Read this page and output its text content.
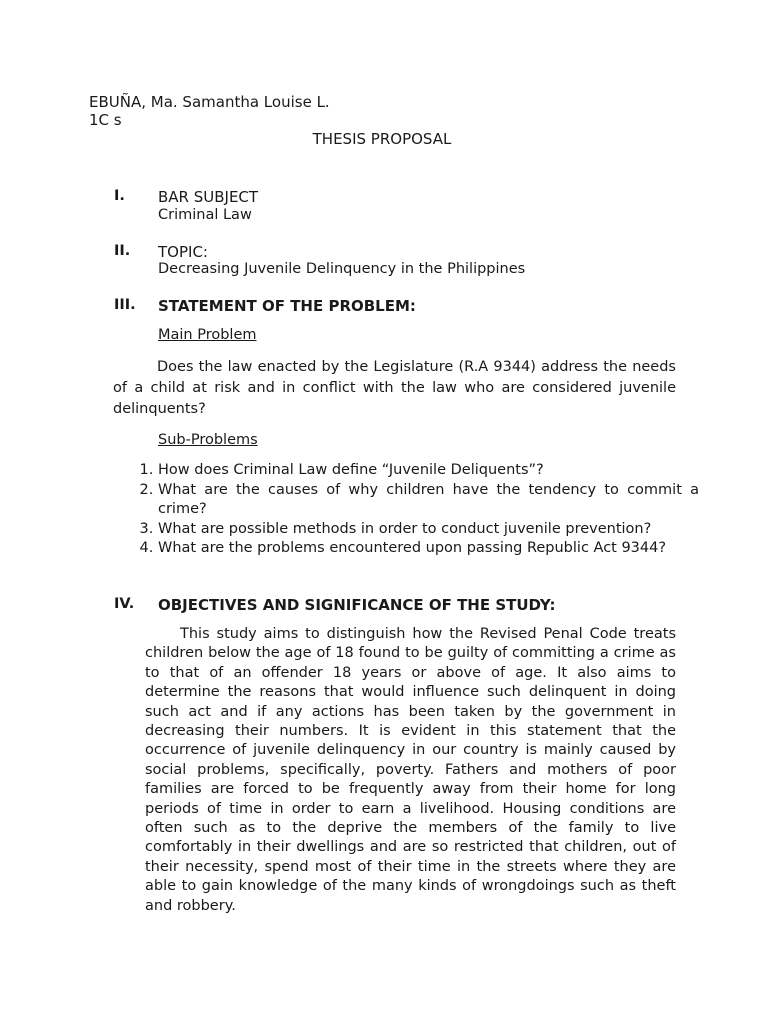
EBUÑA, Ma. Samantha Louise L.
1C s
THESIS PROPOSAL
I. BAR SUBJECT
Criminal Law
II. TOPIC:
Decreasing Juvenile Delinquency in the Philippines
III. STATEMENT OF THE PROBLEM:
Main Problem
Does the law enacted by the Legislature (R.A 9344) address the needs of a child at risk and in conflict with the law who are considered juvenile delinquents?
Sub-Problems
1. How does Criminal Law define “Juvenile Deliquents”?
2. What are the causes of why children have the tendency to commit a crime?
3. What are possible methods in order to conduct juvenile prevention?
4. What are the problems encountered upon passing Republic Act 9344?
IV. OBJECTIVES AND SIGNIFICANCE OF THE STUDY:
This study aims to distinguish how the Revised Penal Code treats children below the age of 18 found to be guilty of committing a crime as to that of an offender 18 years or above of age. It also aims to determine the reasons that would influence such delinquent in doing such act and if any actions has been taken by the government in decreasing their numbers. It is evident in this statement that the occurrence of juvenile delinquency in our country is mainly caused by social problems, specifically, poverty. Fathers and mothers of poor families are forced to be frequently away from their home for long periods of time in order to earn a livelihood. Housing conditions are often such as to the deprive the members of the family to live comfortably in their dwellings and are so restricted that children, out of their necessity, spend most of their time in the streets where they are able to gain knowledge of the many kinds of wrongdoings such as theft and robbery.
